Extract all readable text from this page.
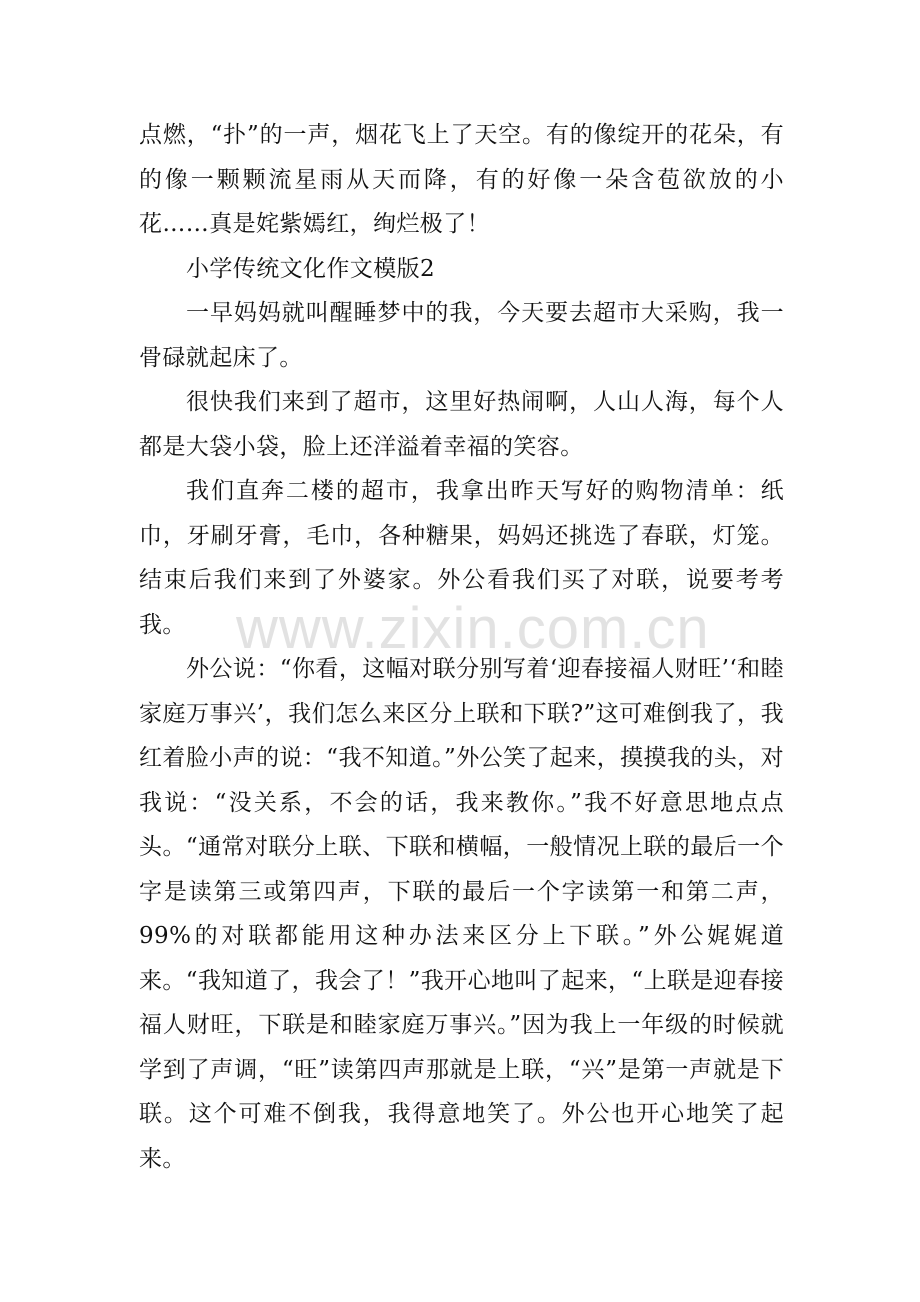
www.zixin.com.cn

点燃，“扑”的一声，烟花飞上了天空。有的像绽开的花朵，有的像一颗颗流星雨从天而降，有的好像一朵含苞欲放的小花……真是姹紫嫣红，绚烂极了！

小学传统文化作文模版2

一早妈妈就叫醒睡梦中的我，今天要去超市大采购，我一骨碌就起床了。

很快我们来到了超市，这里好热闹啊，人山人海，每个人都是大袋小袋，脸上还洋溢着幸福的笑容。

我们直奔二楼的超市，我拿出昨天写好的购物清单：纸巾，牙刷牙膏，毛巾，各种糖果，妈妈还挑选了春联，灯笼。结束后我们来到了外婆家。外公看我们买了对联，说要考考我。

外公说：“你看，这幅对联分别写着‘迎春接福人财旺’‘和睦家庭万事兴’，我们怎么来区分上联和下联?”这可难倒我了，我红着脸小声的说：“我不知道。”外公笑了起来，摸摸我的头，对我说：“没关系，不会的话，我来教你。”我不好意思地点点头。“通常对联分上联、下联和横幅，一般情况上联的最后一个字是读第三或第四声，下联的最后一个字读第一和第二声，99%的对联都能用这种办法来区分上下联。”外公娓娓道来。“我知道了，我会了！”我开心地叫了起来，“上联是迎春接福人财旺，下联是和睦家庭万事兴。”因为我上一年级的时候就学到了声调，“旺”读第四声那就是上联，“兴”是第一声就是下联。这个可难不倒我，我得意地笑了。外公也开心地笑了起来。
